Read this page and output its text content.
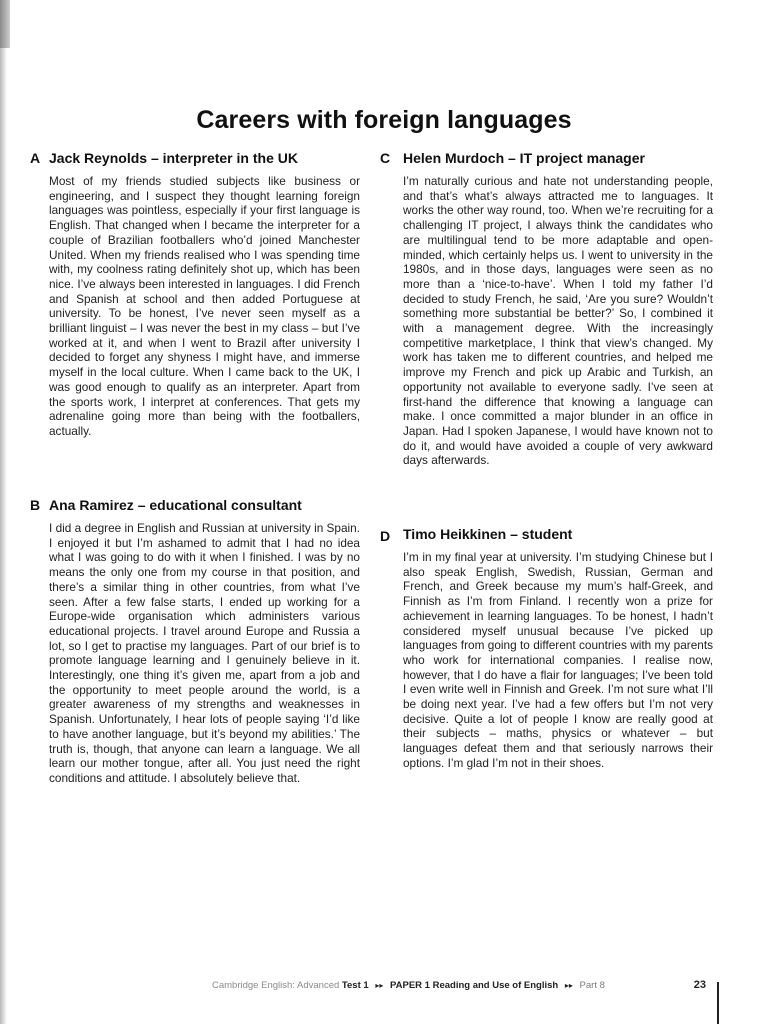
Careers with foreign languages
A Jack Reynolds – interpreter in the UK

Most of my friends studied subjects like business or engineering, and I suspect they thought learning foreign languages was pointless, especially if your first language is English. That changed when I became the interpreter for a couple of Brazilian footballers who’d joined Manchester United. When my friends realised who I was spending time with, my coolness rating definitely shot up, which has been nice. I’ve always been interested in languages. I did French and Spanish at school and then added Portuguese at university. To be honest, I’ve never seen myself as a brilliant linguist – I was never the best in my class – but I’ve worked at it, and when I went to Brazil after university I decided to forget any shyness I might have, and immerse myself in the local culture. When I came back to the UK, I was good enough to qualify as an interpreter. Apart from the sports work, I interpret at conferences. That gets my adrenaline going more than being with the footballers, actually.

B Ana Ramirez – educational consultant

I did a degree in English and Russian at university in Spain. I enjoyed it but I’m ashamed to admit that I had no idea what I was going to do with it when I finished. I was by no means the only one from my course in that position, and there’s a similar thing in other countries, from what I’ve seen. After a few false starts, I ended up working for a Europe-wide organisation which administers various educational projects. I travel around Europe and Russia a lot, so I get to practise my languages. Part of our brief is to promote language learning and I genuinely believe in it. Interestingly, one thing it’s given me, apart from a job and the opportunity to meet people around the world, is a greater awareness of my strengths and weaknesses in Spanish. Unfortunately, I hear lots of people saying ‘I’d like to have another language, but it’s beyond my abilities.’ The truth is, though, that anyone can learn a language. We all learn our mother tongue, after all. You just need the right conditions and attitude. I absolutely believe that.

C Helen Murdoch – IT project manager

I’m naturally curious and hate not understanding people, and that’s what’s always attracted me to languages. It works the other way round, too. When we’re recruiting for a challenging IT project, I always think the candidates who are multilingual tend to be more adaptable and open-minded, which certainly helps us. I went to university in the 1980s, and in those days, languages were seen as no more than a ‘nice-to-have’. When I told my father I’d decided to study French, he said, ‘Are you sure? Wouldn’t something more substantial be better?’ So, I combined it with a management degree. With the increasingly competitive marketplace, I think that view’s changed. My work has taken me to different countries, and helped me improve my French and pick up Arabic and Turkish, an opportunity not available to everyone sadly. I’ve seen at first-hand the difference that knowing a language can make. I once committed a major blunder in an office in Japan. Had I spoken Japanese, I would have known not to do it, and would have avoided a couple of very awkward days afterwards.

D Timo Heikkinen – student

I’m in my final year at university. I’m studying Chinese but I also speak English, Swedish, Russian, German and French, and Greek because my mum’s half-Greek, and Finnish as I’m from Finland. I recently won a prize for achievement in learning languages. To be honest, I hadn’t considered myself unusual because I’ve picked up languages from going to different countries with my parents who work for international companies. I realise now, however, that I do have a flair for languages; I’ve been told I even write well in Finnish and Greek. I’m not sure what I’ll be doing next year. I’ve had a few offers but I’m not very decisive. Quite a lot of people I know are really good at their subjects – maths, physics or whatever – but languages defeat them and that seriously narrows their options. I’m glad I’m not in their shoes.

Cambridge English: Advanced Test 1 ▸▸ PAPER 1 Reading and Use of English ▸▸ Part 8	23
